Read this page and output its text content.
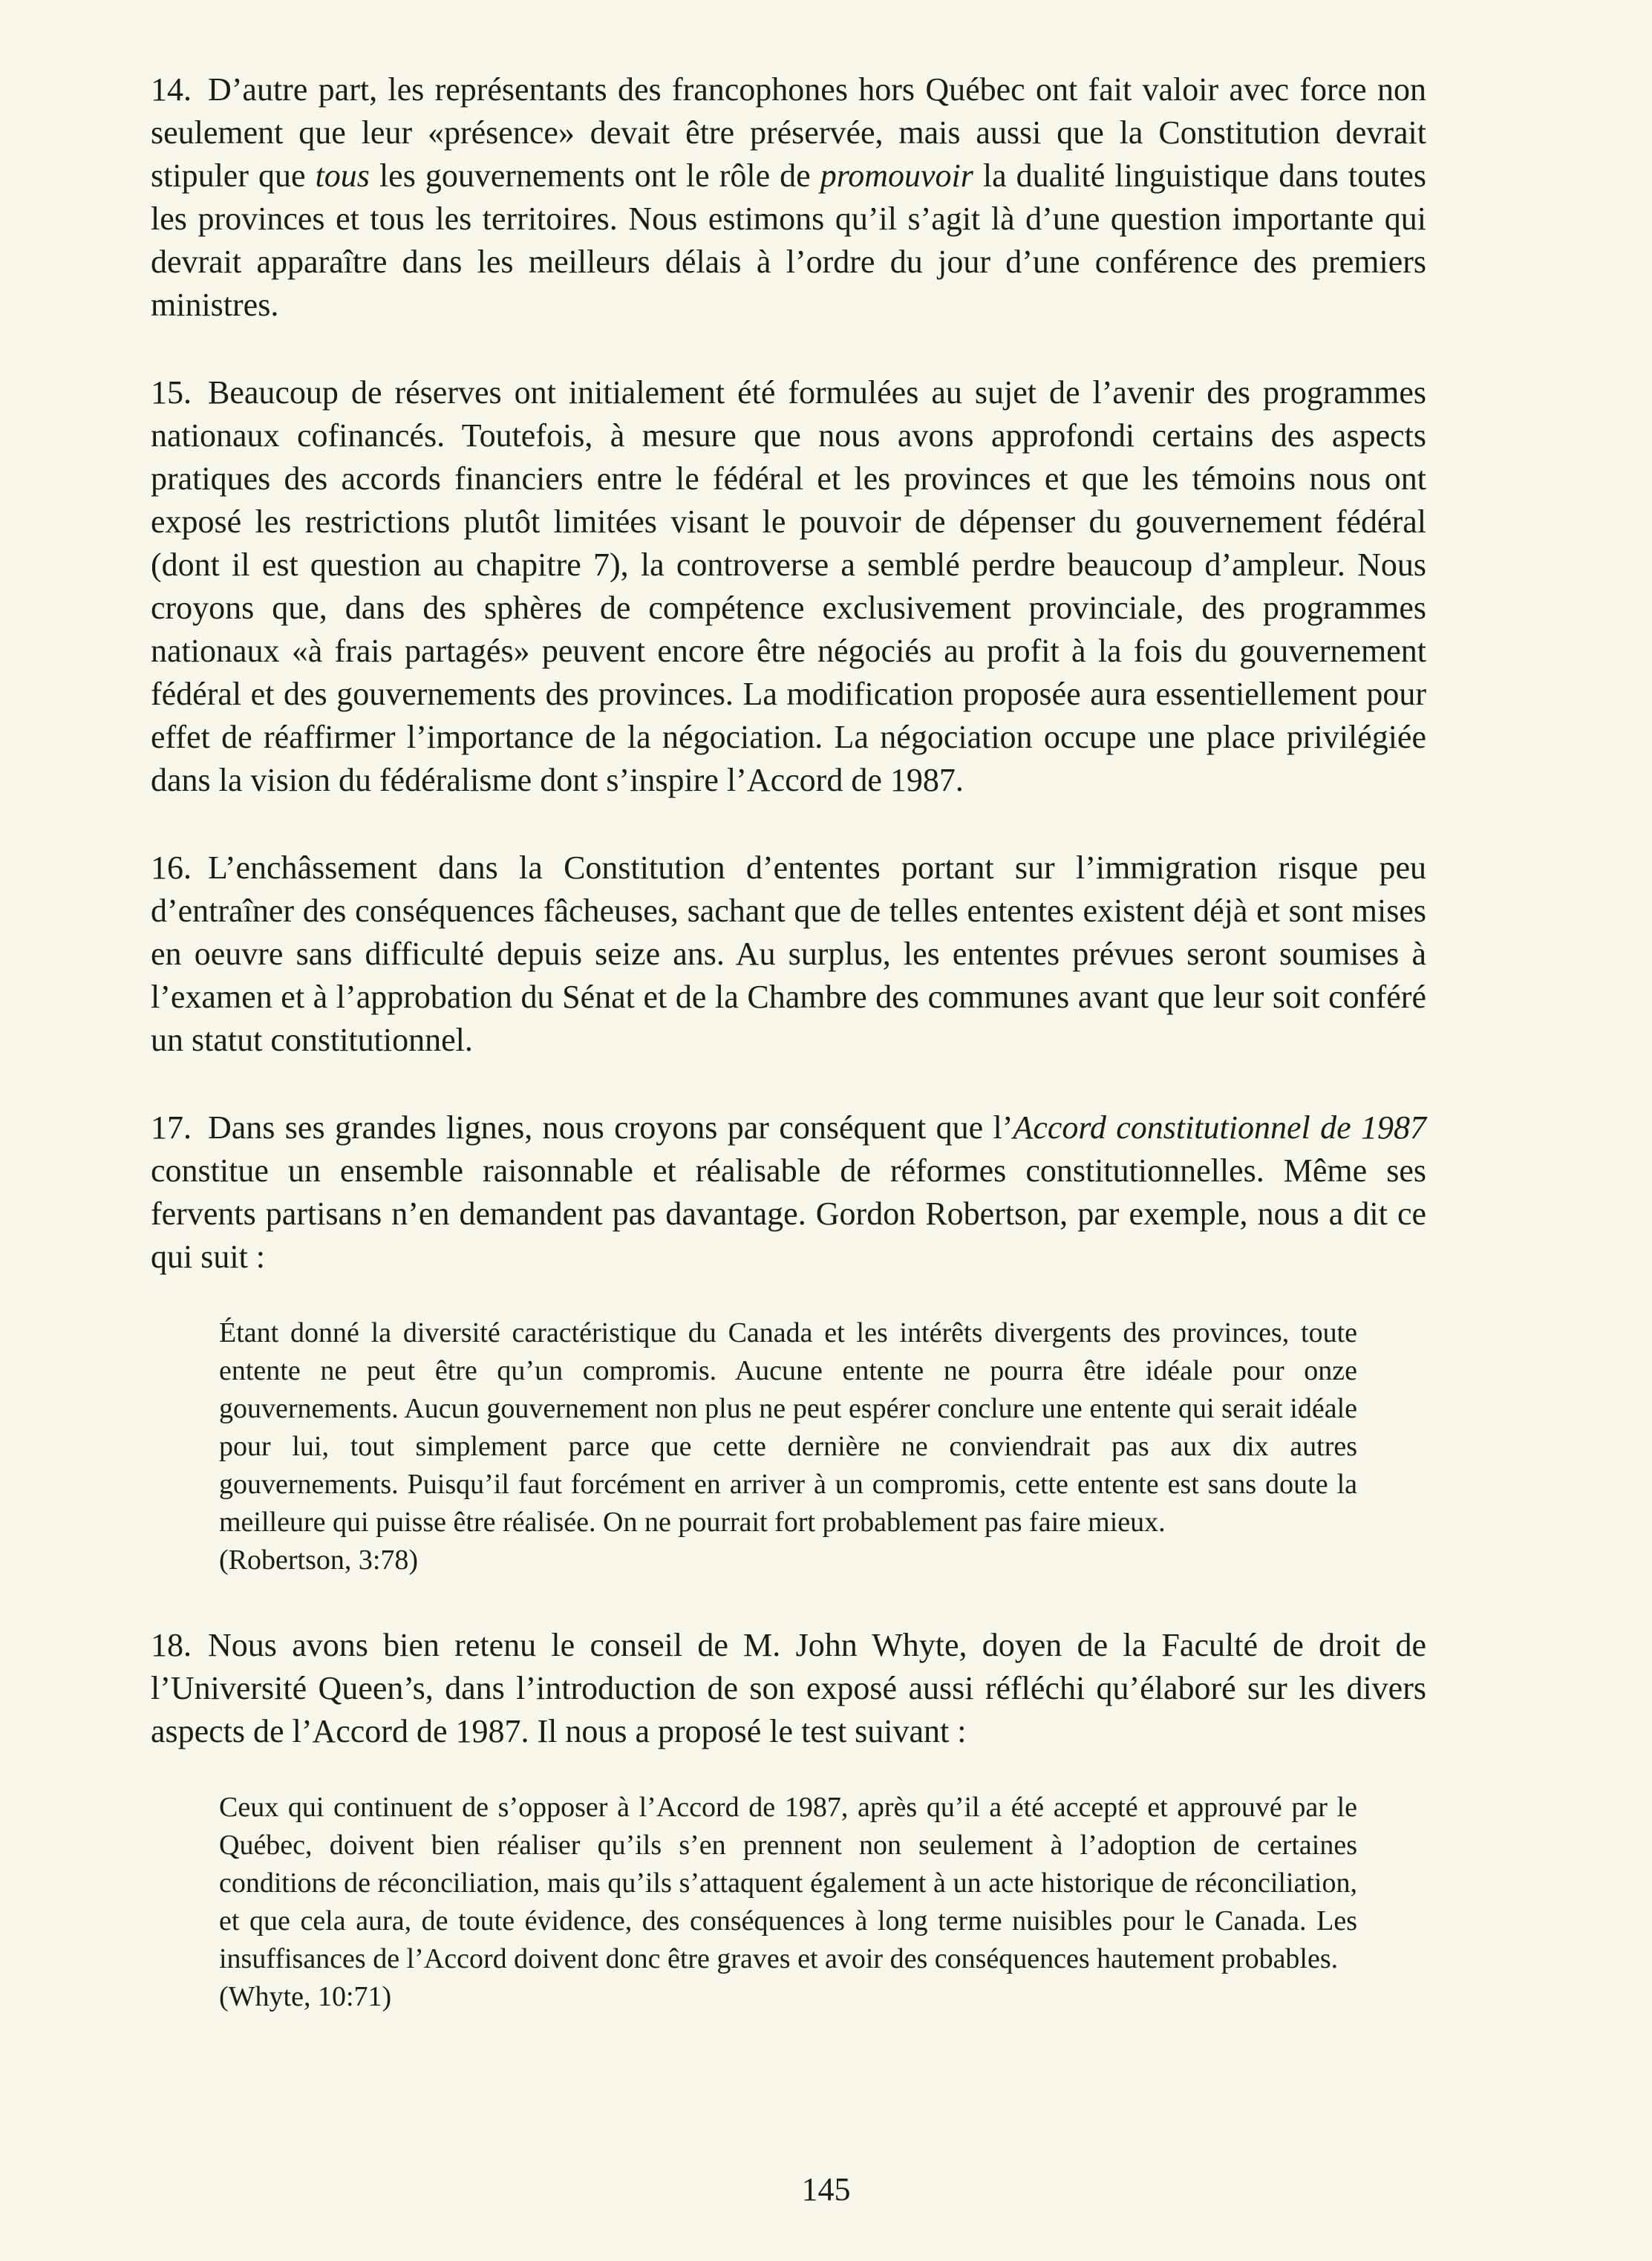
14. D’autre part, les représentants des francophones hors Québec ont fait valoir avec force non seulement que leur «présence» devait être préservée, mais aussi que la Constitution devrait stipuler que tous les gouvernements ont le rôle de promouvoir la dualité linguistique dans toutes les provinces et tous les territoires. Nous estimons qu’il s’agit là d’une question importante qui devrait apparaître dans les meilleurs délais à l’ordre du jour d’une conférence des premiers ministres.

15. Beaucoup de réserves ont initialement été formulées au sujet de l’avenir des programmes nationaux cofinancés. Toutefois, à mesure que nous avons approfondi certains des aspects pratiques des accords financiers entre le fédéral et les provinces et que les témoins nous ont exposé les restrictions plutôt limitées visant le pouvoir de dépenser du gouvernement fédéral (dont il est question au chapitre 7), la controverse a semblé perdre beaucoup d’ampleur. Nous croyons que, dans des sphères de compétence exclusivement provinciale, des programmes nationaux «à frais partagés» peuvent encore être négociés au profit à la fois du gouvernement fédéral et des gouvernements des provinces. La modification proposée aura essentiellement pour effet de réaffirmer l’importance de la négociation. La négociation occupe une place privilégiée dans la vision du fédéralisme dont s’inspire l’Accord de 1987.

16. L’enchâssement dans la Constitution d’ententes portant sur l’immigration risque peu d’entraîner des conséquences fâcheuses, sachant que de telles ententes existent déjà et sont mises en oeuvre sans difficulté depuis seize ans. Au surplus, les ententes prévues seront soumises à l’examen et à l’approbation du Sénat et de la Chambre des communes avant que leur soit conféré un statut constitutionnel.

17. Dans ses grandes lignes, nous croyons par conséquent que l’Accord constitutionnel de 1987 constitue un ensemble raisonnable et réalisable de réformes constitutionnelles. Même ses fervents partisans n’en demandent pas davantage. Gordon Robertson, par exemple, nous a dit ce qui suit :

Étant donné la diversité caractéristique du Canada et les intérêts divergents des provinces, toute entente ne peut être qu’un compromis. Aucune entente ne pourra être idéale pour onze gouvernements. Aucun gouvernement non plus ne peut espérer conclure une entente qui serait idéale pour lui, tout simplement parce que cette dernière ne conviendrait pas aux dix autres gouvernements. Puisqu’il faut forcément en arriver à un compromis, cette entente est sans doute la meilleure qui puisse être réalisée. On ne pourrait fort probablement pas faire mieux.
(Robertson, 3:78)

18. Nous avons bien retenu le conseil de M. John Whyte, doyen de la Faculté de droit de l’Université Queen’s, dans l’introduction de son exposé aussi réfléchi qu’élaboré sur les divers aspects de l’Accord de 1987. Il nous a proposé le test suivant :

Ceux qui continuent de s’opposer à l’Accord de 1987, après qu’il a été accepté et approuvé par le Québec, doivent bien réaliser qu’ils s’en prennent non seulement à l’adoption de certaines conditions de réconciliation, mais qu’ils s’attaquent également à un acte historique de réconciliation, et que cela aura, de toute évidence, des conséquences à long terme nuisibles pour le Canada. Les insuffisances de l’Accord doivent donc être graves et avoir des conséquences hautement probables.
(Whyte, 10:71)
145
